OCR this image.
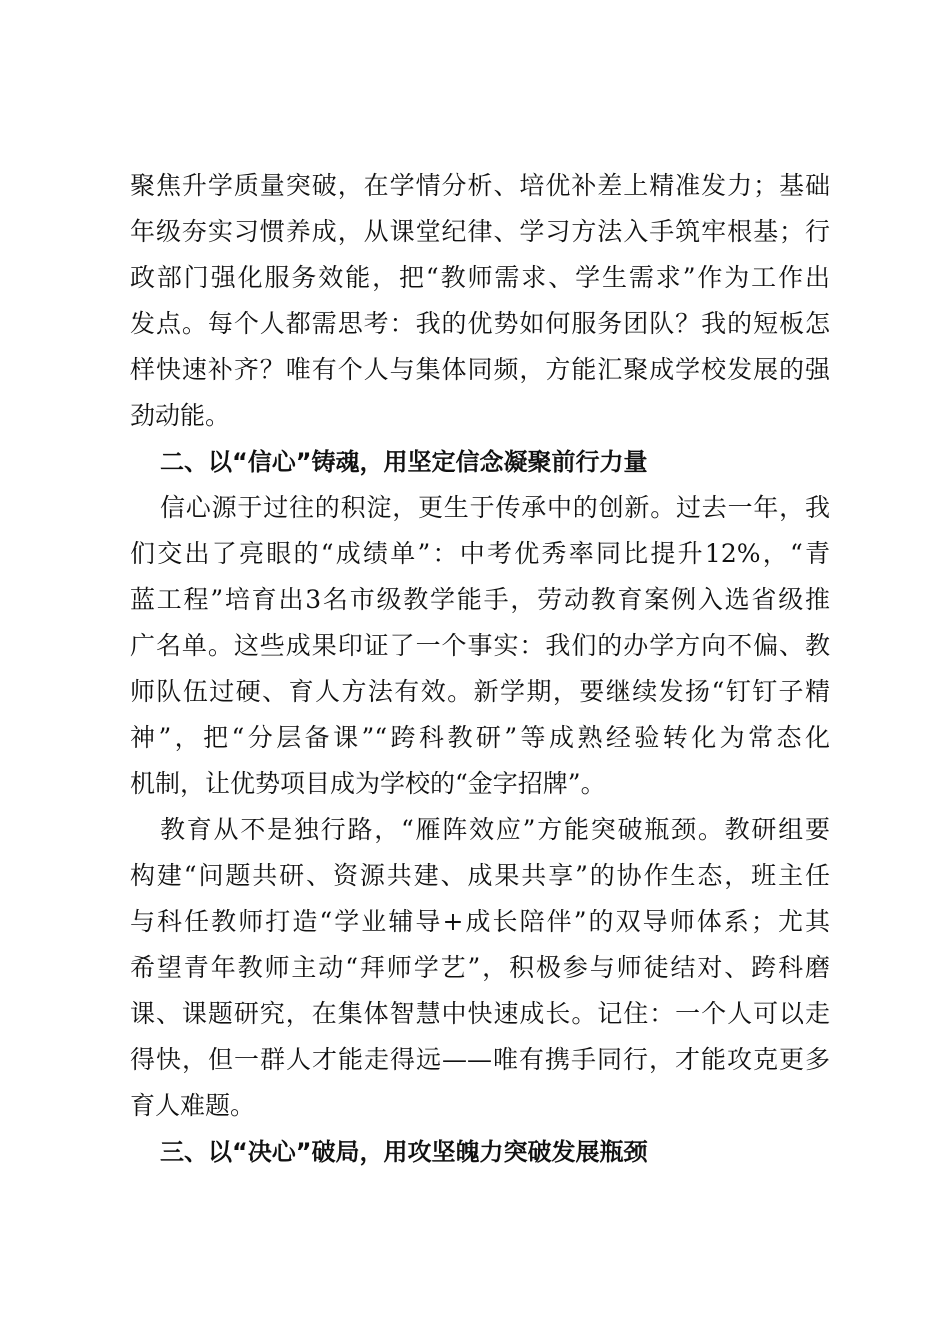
聚焦升学质量突破，在学情分析、培优补差上精准发力；基础
年级夯实习惯养成，从课堂纪律、学习方法入手筑牢根基；行
政部门强化服务效能，把“教师需求、学生需求”作为工作出
发点。每个人都需思考：我的优势如何服务团队？我的短板怎
样快速补齐？唯有个人与集体同频，方能汇聚成学校发展的强
劲动能。
二、以“信心”铸魂，用坚定信念凝聚前行力量
信心源于过往的积淀，更生于传承中的创新。过去一年，我
们交出了亮眼的“成绩单”：中考优秀率同比提升12%，“青
蓝工程”培育出3名市级教学能手，劳动教育案例入选省级推
广名单。这些成果印证了一个事实：我们的办学方向不偏、教
师队伍过硬、育人方法有效。新学期，要继续发扬“钉钉子精
神”，把“分层备课”“跨科教研”等成熟经验转化为常态化
机制，让优势项目成为学校的“金字招牌”。
教育从不是独行路，“雁阵效应”方能突破瓶颈。教研组要
构建“问题共研、资源共建、成果共享”的协作生态，班主任
与科任教师打造“学业辅导+成长陪伴”的双导师体系；尤其
希望青年教师主动“拜师学艺”，积极参与师徒结对、跨科磨
课、课题研究，在集体智慧中快速成长。记住：一个人可以走
得快，但一群人才能走得远——唯有携手同行，才能攻克更多
育人难题。
三、以“决心”破局，用攻坚魄力突破发展瓶颈
